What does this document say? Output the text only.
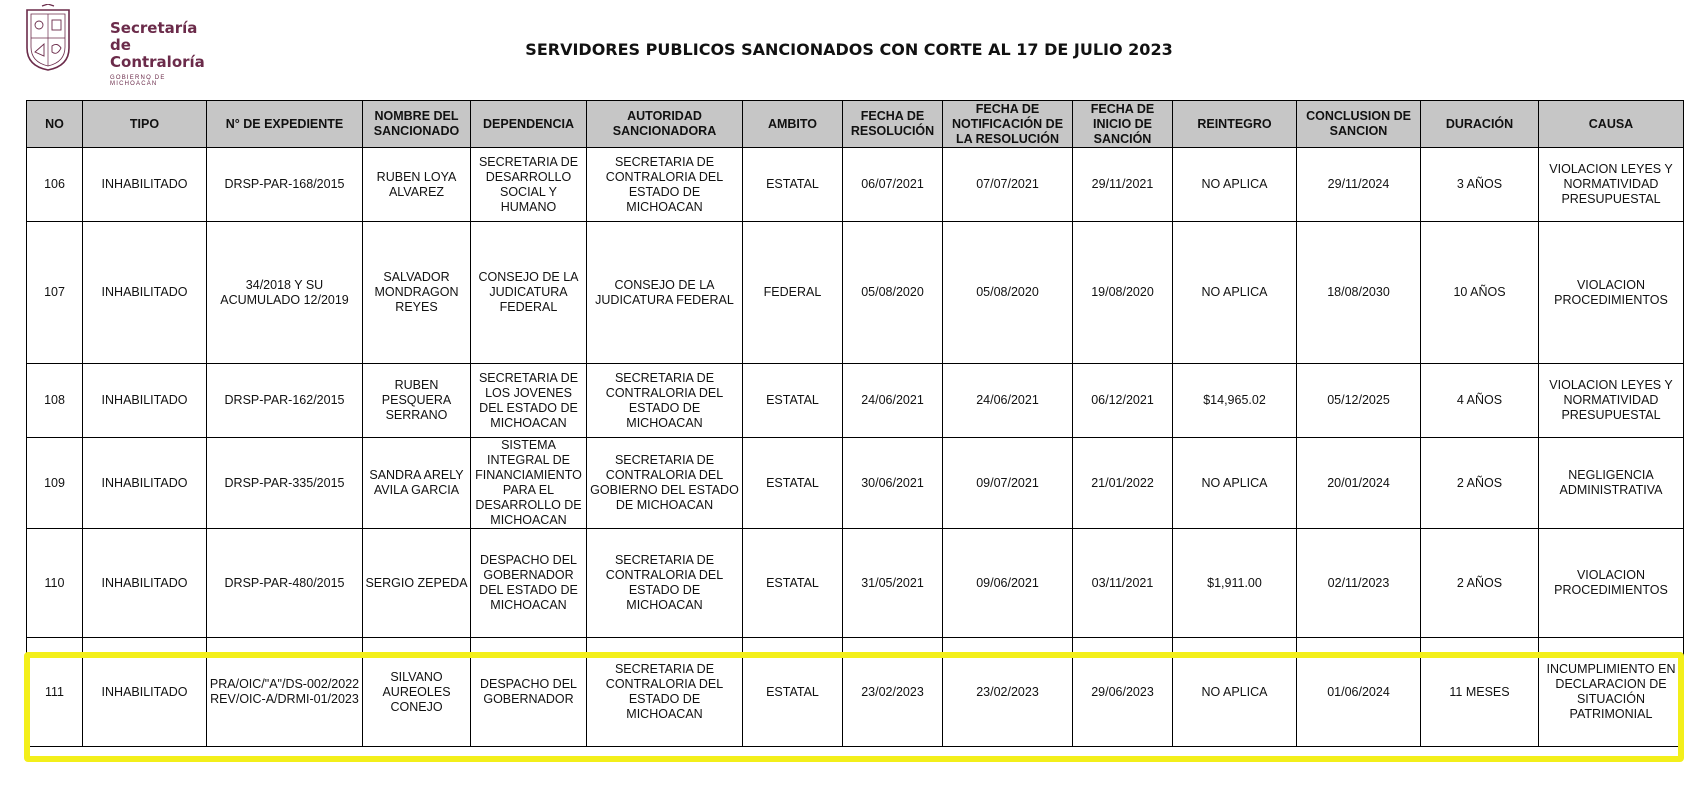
Secretaría
de Contraloría
GOBIERNO DE MICHOACÁN
SERVIDORES PUBLICOS SANCIONADOS CON CORTE AL 17 DE JULIO 2023
NO	TIPO	N° DE EXPEDIENTE	NOMBRE DEL SANCIONADO	DEPENDENCIA	AUTORIDAD SANCIONADORA	AMBITO	FECHA DE RESOLUCIÓN	FECHA DE NOTIFICACIÓN DE LA RESOLUCIÓN	FECHA DE INICIO DE SANCIÓN	REINTEGRO	CONCLUSION DE SANCION	DURACIÓN	CAUSA
106	INHABILITADO	DRSP-PAR-168/2015	RUBEN LOYA ALVAREZ	SECRETARIA DE DESARROLLO SOCIAL Y HUMANO	SECRETARIA DE CONTRALORIA DEL ESTADO DE MICHOACAN	ESTATAL	06/07/2021	07/07/2021	29/11/2021	NO APLICA	29/11/2024	3 AÑOS	VIOLACION LEYES Y NORMATIVIDAD PRESUPUESTAL
107	INHABILITADO	34/2018 Y SU ACUMULADO 12/2019	SALVADOR MONDRAGON REYES	CONSEJO DE LA JUDICATURA FEDERAL	CONSEJO DE LA JUDICATURA FEDERAL	FEDERAL	05/08/2020	05/08/2020	19/08/2020	NO APLICA	18/08/2030	10 AÑOS	VIOLACION PROCEDIMIENTOS
108	INHABILITADO	DRSP-PAR-162/2015	RUBEN PESQUERA SERRANO	SECRETARIA DE LOS JOVENES DEL ESTADO DE MICHOACAN	SECRETARIA DE CONTRALORIA DEL ESTADO DE MICHOACAN	ESTATAL	24/06/2021	24/06/2021	06/12/2021	$14,965.02	05/12/2025	4 AÑOS	VIOLACION LEYES Y NORMATIVIDAD PRESUPUESTAL
109	INHABILITADO	DRSP-PAR-335/2015	SANDRA ARELY AVILA GARCIA	SISTEMA INTEGRAL DE FINANCIAMIENTO PARA EL DESARROLLO DE MICHOACAN	SECRETARIA DE CONTRALORIA DEL GOBIERNO DEL ESTADO DE MICHOACAN	ESTATAL	30/06/2021	09/07/2021	21/01/2022	NO APLICA	20/01/2024	2 AÑOS	NEGLIGENCIA ADMINISTRATIVA
110	INHABILITADO	DRSP-PAR-480/2015	SERGIO ZEPEDA	DESPACHO DEL GOBERNADOR DEL ESTADO DE MICHOACAN	SECRETARIA DE CONTRALORIA DEL ESTADO DE MICHOACAN	ESTATAL	31/05/2021	09/06/2021	03/11/2021	$1,911.00	02/11/2023	2 AÑOS	VIOLACION PROCEDIMIENTOS
111	INHABILITADO	PRA/OIC/"A"/DS-002/2022 REV/OIC-A/DRMI-01/2023	SILVANO AUREOLES CONEJO	DESPACHO DEL GOBERNADOR	SECRETARIA DE CONTRALORIA DEL ESTADO DE MICHOACAN	ESTATAL	23/02/2023	23/02/2023	29/06/2023	NO APLICA	01/06/2024	11 MESES	INCUMPLIMIENTO EN DECLARACION DE SITUACIÓN PATRIMONIAL
